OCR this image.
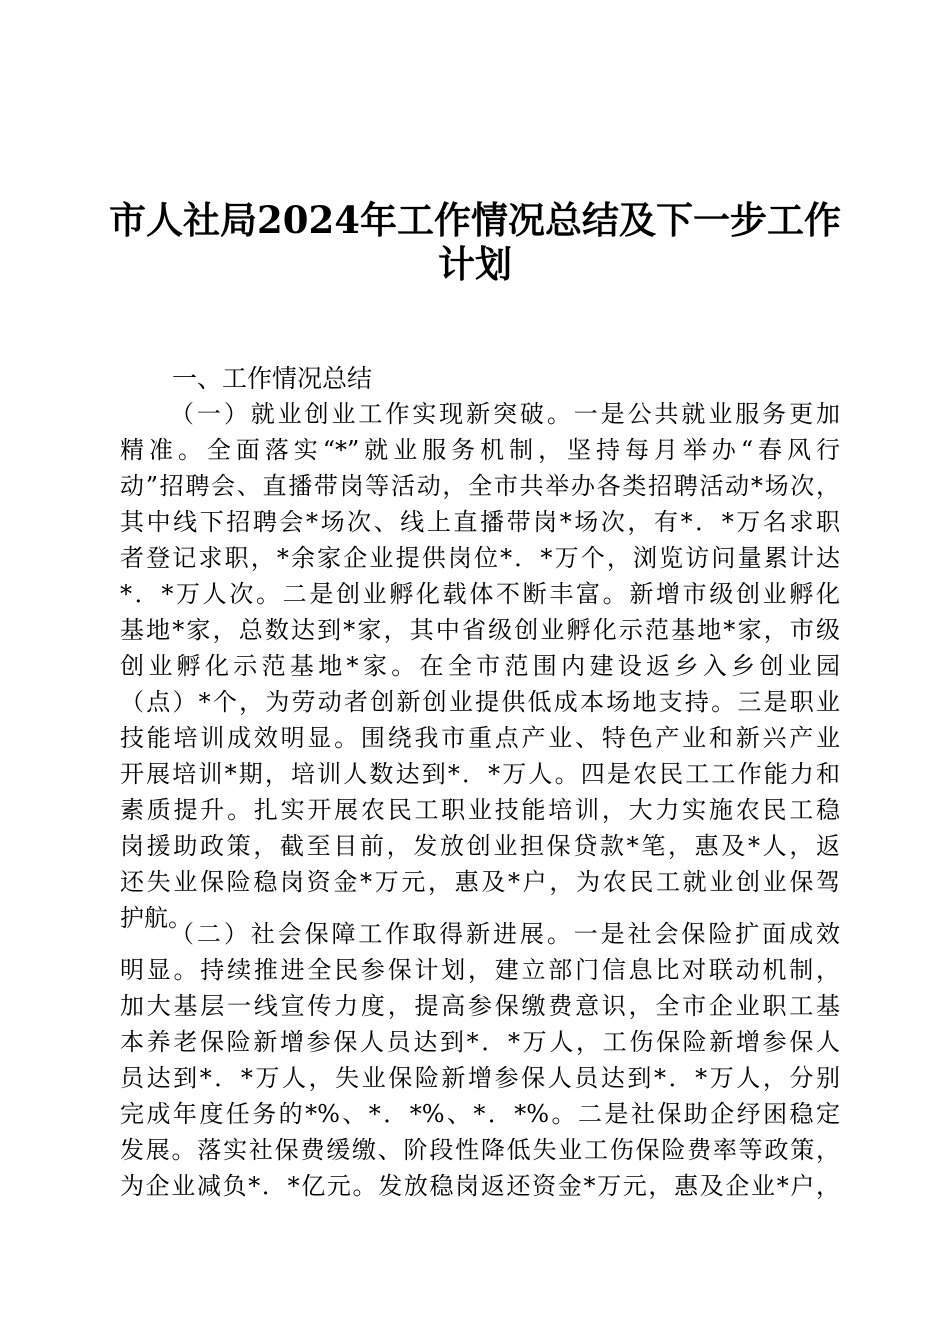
市人社局2024年工作情况总结及下一步工作
计划
一、工作情况总结
（一）就业创业工作实现新突破。一是公共就业服务更加
精准。全面落实“*”就业服务机制，坚持每月举办“春风行
动”招聘会、直播带岗等活动，全市共举办各类招聘活动*场次，
其中线下招聘会*场次、线上直播带岗*场次，有*．*万名求职
者登记求职，*余家企业提供岗位*．*万个，浏览访问量累计达
*．*万人次。二是创业孵化载体不断丰富。新增市级创业孵化
基地*家，总数达到*家，其中省级创业孵化示范基地*家，市级
创业孵化示范基地*家。在全市范围内建设返乡入乡创业园
（点）*个，为劳动者创新创业提供低成本场地支持。三是职业
技能培训成效明显。围绕我市重点产业、特色产业和新兴产业
开展培训*期，培训人数达到*．*万人。四是农民工工作能力和
素质提升。扎实开展农民工职业技能培训，大力实施农民工稳
岗援助政策，截至目前，发放创业担保贷款*笔，惠及*人，返
还失业保险稳岗资金*万元，惠及*户，为农民工就业创业保驾
护航。
（二）社会保障工作取得新进展。一是社会保险扩面成效
明显。持续推进全民参保计划，建立部门信息比对联动机制，
加大基层一线宣传力度，提高参保缴费意识，全市企业职工基
本养老保险新增参保人员达到*．*万人，工伤保险新增参保人
员达到*．*万人，失业保险新增参保人员达到*．*万人，分别
完成年度任务的*%、*．*%、*．*%。二是社保助企纾困稳定
发展。落实社保费缓缴、阶段性降低失业工伤保险费率等政策，
为企业减负*．*亿元。发放稳岗返还资金*万元，惠及企业*户，
